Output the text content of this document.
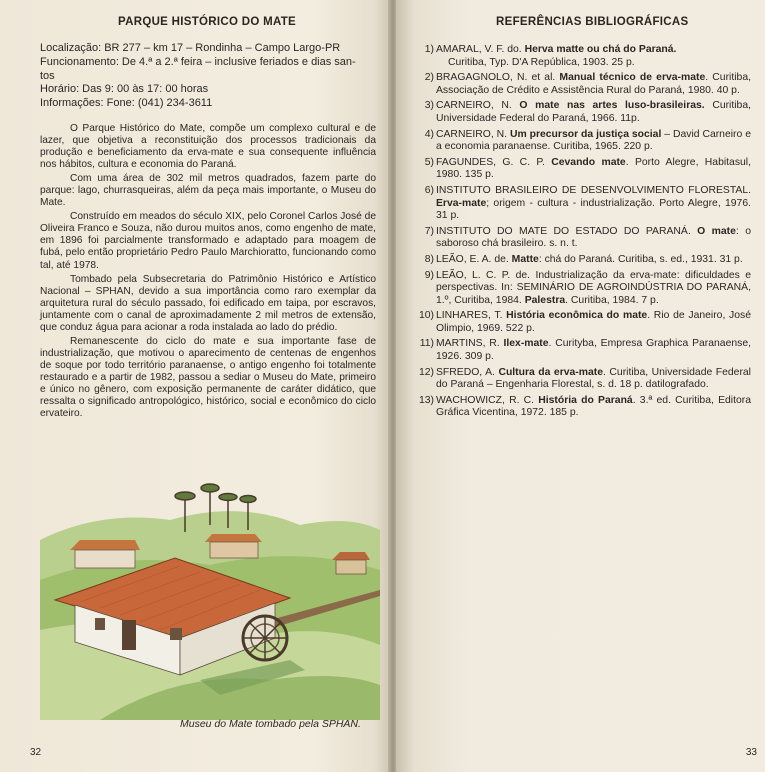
PARQUE HISTÓRICO DO MATE
Localização: BR 277 – km 17 – Rondinha – Campo Largo-PR
Funcionamento: De 4.ª a 2.ª feira – inclusive feriados e dias san-
tos
Horário: Das 9: 00 às 17: 00 horas
Informações: Fone: (041) 234-3611

O Parque Histórico do Mate, compõe um complexo cultural e de lazer, que objetiva a reconstituição dos processos tradicionais da produção e beneficiamento da erva-mate e sua consequente influência nos hábitos, cultura e economia do Paraná.

Com uma área de 302 mil metros quadrados, fazem parte do parque: lago, churrasqueiras, além da peça mais importante, o Museu do Mate.

Construído em meados do século XIX, pelo Coronel Carlos José de Oliveira Franco e Souza, não durou muitos anos, como engenho de mate, em 1896 foi parcialmente transformado e adaptado para moagem de fubá, pelo então proprietário Pedro Paulo Marchiorattо, funcionando como tal, até 1978.

Tombado pela Subsecretaria do Patrimônio Histórico e Artístico Nacional – SPHAN, devido a sua importância como raro exemplar da arquitetura rural do século passado, foi edificado em taipa, por escravos, juntamente com o canal de aproximadamente 2 mil metros de extensão, que conduz água para acionar a roda instalada ao lado do prédio.

Remanescente do ciclo do mate e sua importante fase de industrialização, que motivou o aparecimento de centenas de engenhos de soque por todo território paranaense, o antigo engenho foi totalmente restaurado e a partir de 1982, passou a sediar o Museu do Mate, primeiro e único no gênero, com exposição permanente de caráter didático, que ressalta o significado antropológico, histórico, social e econômico do ciclo ervateiro.

Museu do Mate tombado pela SPHAN.
32
REFERÊNCIAS BIBLIOGRÁFICAS
1) AMARAL, V. F. do. Herva matte ou chá do Paraná.
Curitiba, Typ. D'A República, 1903. 25 p.
2) BRAGAGNOLO, N. et al. Manual técnico de erva-mate. Curitiba, Associação de Crédito e Assistência Rural do Paraná, 1980. 40 p.
3) CARNEIRO, N. O mate nas artes luso-brasileiras. Curitiba, Universidade Federal do Paraná, 1966. 11p.
4) CARNEIRO, N. Um precursor da justiça social – David Carneiro e a economia paranaense. Curitiba, 1965. 220 p.
5) FAGUNDES, G. C. P. Cevando mate. Porto Alegre, Habitasul, 1980. 135 p.
6) INSTITUTO BRASILEIRO DE DESENVOLVIMENTO FLORESTAL. Erva-mate; origem - cultura - industrialização. Porto Alegre, 1976. 31 p.
7) INSTITUTO DO MATE DO ESTADO DO PARANÁ. O mate: o saboroso chá brasileiro. s. n. t.
8) LEÃO, E. A. de. Matte: chá do Paraná. Curitiba, s. ed., 1931. 31 p.
9) LEÃO, L. C. P. de. Industrialização da erva-mate: dificuldades e perspectivas. In: SEMINÁRIO DE AGROINDÚSTRIA DO PARANÁ, 1.º, Curitiba, 1984. Palestra. Curitiba, 1984. 7 p.
10) LINHARES, T. História econômica do mate. Rio de Janeiro, José Olimpio, 1969. 522 p.
11) MARTINS, R. Ilex-mate. Curityba, Empresa Graphica Paranaense, 1926. 309 p.
12) SFREDO, A. Cultura da erva-mate. Curitiba, Universidade Federal do Paraná – Engenharia Florestal, s. d. 18 p. datilografado.
13) WACHOWICZ, R. C. História do Paraná. 3.ª ed. Curitiba, Editora Gráfica Vicentina, 1972. 185 p.
33
